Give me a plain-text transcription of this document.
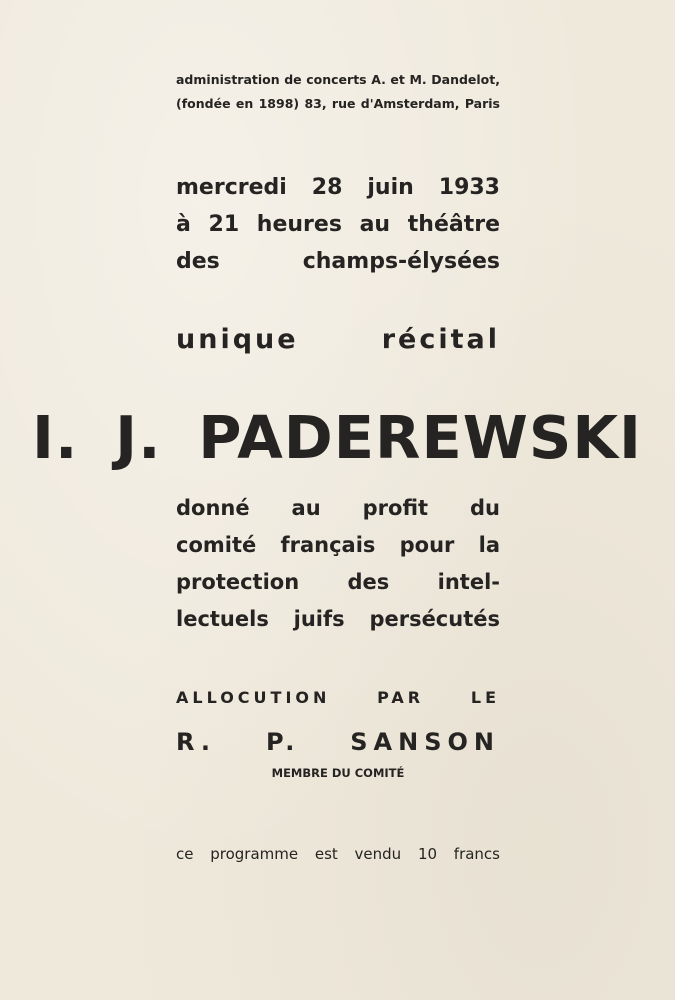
administration de concerts A. et M. Dandelot,
(fondée en 1898) 83, rue d'Amsterdam, Paris
mercredi 28 juin 1933
à 21 heures au théâtre
des champs-élysées
unique récital
I. J. PADEREWSKI
donné au profit du
comité français pour la
protection des intel-
lectuels juifs persécutés
ALLOCUTION PAR LE
R. P. SANSON
MEMBRE DU COMITÉ
ce programme est vendu 10 francs
